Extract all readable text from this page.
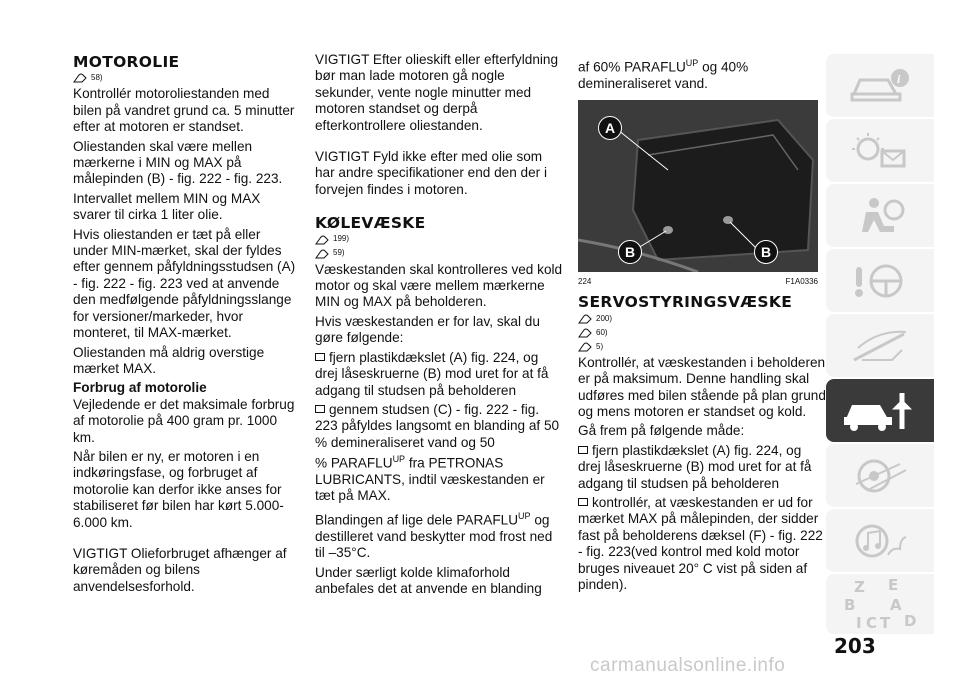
MOTOROLIE
58)

Kontrollér motoroliestanden med bilen på vandret grund ca. 5 minutter efter at motoren er standset.

Oliestanden skal være mellen mærkerne i MIN og MAX på målepinden (B) - fig. 222 - fig. 223.

Intervallet mellem MIN og MAX svarer til cirka 1 liter olie.

Hvis oliestanden er tæt på eller under MIN-mærket, skal der fyldes efter gennem påfyldningsstudsen (A) - fig. 222 - fig. 223 ved at anvende den medfølgende påfyldningsslange for versioner/markeder, hvor monteret, til MAX-mærket.

Oliestanden må aldrig overstige mærket MAX.

Forbrug af motorolie

Vejledende er det maksimale forbrug af motorolie på 400 gram pr. 1000 km.

Når bilen er ny, er motoren i en indkøringsfase, og forbruget af motorolie kan derfor ikke anses for stabiliseret før bilen har kørt 5.000-6.000 km.

VIGTIGT Olieforbruget afhænger af køremåden og bilens anvendelsesforhold.

VIGTIGT Efter olieskift eller efterfyldning bør man lade motoren gå nogle sekunder, vente nogle minutter med motoren standset og derpå efterkontrollere oliestanden.

VIGTIGT Fyld ikke efter med olie som har andre specifikationer end den der i forvejen findes i motoren.

KØLEVÆSKE
199)
59)

Væskestanden skal kontrolleres ved kold motor og skal være mellem mærkerne MIN og MAX på beholderen.

Hvis væskestanden er for lav, skal du gøre følgende:

fjern plastikdækslet (A) fig. 224, og drej låseskruerne (B) mod uret for at få adgang til studsen på beholderen

gennem studsen (C) - fig. 222 - fig. 223 påfyldes langsomt en blanding af 50 % demineraliseret vand og 50
% $PARAFLU^{UP}$ fra PETRONAS LUBRICANTS, indtil væskestanden er tæt på MAX.

Blandingen af lige dele $PARAFLU^{UP}$ og destilleret vand beskytter mod frost ned til –35°C.

Under særligt kolde klimaforhold anbefales det at anvende en blanding

af 60% $PARAFLU^{UP}$ og 40% demineraliseret vand.

A
B	B
224	F1A0336
SERVOSTYRINGSVÆSKE
200)
60)
5)

Kontrollér, at væskestanden i beholderen er på maksimum. Denne handling skal udføres med bilen stående på plan grund og mens motoren er standset og kold.

Gå frem på følgende måde:

fjern plastikdækslet (A) fig. 224, og drej låseskruerne (B) mod uret for at få adgang til studsen på beholderen

kontrollér, at væskestanden er ud for mærket MAX på målepinden, der sidder fast på beholderens dæksel (F) - fig. 222 - fig. 223(ved kontrol med kold motor bruges niveauet 20° C vist på siden af pinden).

i
Z E
B A
I C T D
203
carmanualsonline.info
